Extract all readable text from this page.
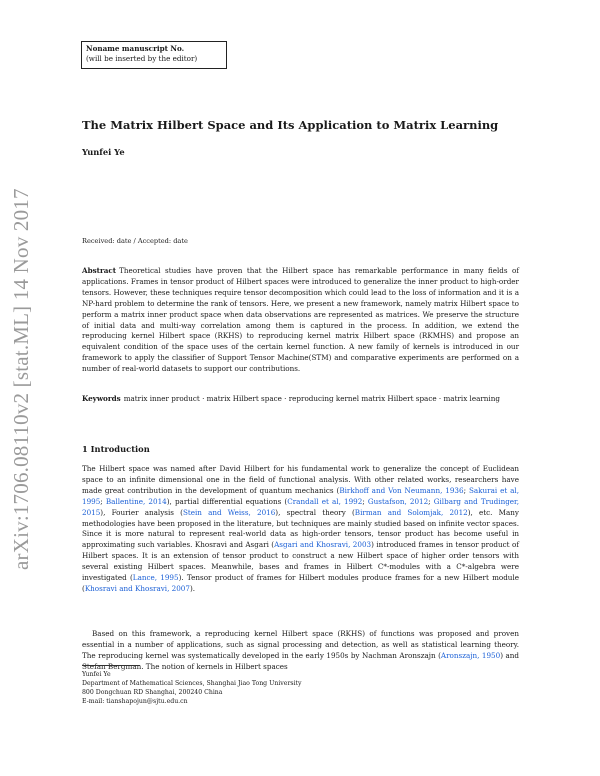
Noname manuscript No.
(will be inserted by the editor)
arXiv:1706.08110v2 [stat.ML] 14 Nov 2017
The Matrix Hilbert Space and Its Application to Matrix Learning
Yunfei Ye
Received: date / Accepted: date
Abstract Theoretical studies have proven that the Hilbert space has remarkable performance in many fields of applications. Frames in tensor product of Hilbert spaces were introduced to generalize the inner product to high-order tensors. However, these techniques require tensor decomposition which could lead to the loss of information and it is a NP-hard problem to determine the rank of tensors. Here, we present a new framework, namely matrix Hilbert space to perform a matrix inner product space when data observations are represented as matrices. We preserve the structure of initial data and multi-way correlation among them is captured in the process. In addition, we extend the reproducing kernel Hilbert space (RKHS) to reproducing kernel matrix Hilbert space (RKMHS) and propose an equivalent condition of the space uses of the certain kernel function. A new family of kernels is introduced in our framework to apply the classifier of Support Tensor Machine(STM) and comparative experiments are performed on a number of real-world datasets to support our contributions.
Keywords matrix inner product · matrix Hilbert space · reproducing kernel matrix Hilbert space · matrix learning
1 Introduction
The Hilbert space was named after David Hilbert for his fundamental work to generalize the concept of Euclidean space to an infinite dimensional one in the field of functional analysis. With other related works, researchers have made great contribution in the development of quantum mechanics (Birkhoff and Von Neumann, 1936; Sakurai et al, 1995; Ballentine, 2014), partial differential equations (Crandall et al, 1992; Gustafson, 2012; Gilbarg and Trudinger, 2015), Fourier analysis (Stein and Weiss, 2016), spectral theory (Birman and Solomjak, 2012), etc. Many methodologies have been proposed in the literature, but techniques are mainly studied based on infinite vector spaces. Since it is more natural to represent real-world data as high-order tensors, tensor product has become useful in approximating such variables. Khosravi and Asgari (Asgari and Khosravi, 2003) introduced frames in tensor product of Hilbert spaces. It is an extension of tensor product to construct a new Hilbert space of higher order tensors with several existing Hilbert spaces. Meanwhile, bases and frames in Hilbert C*-modules with a C*-algebra were investigated (Lance, 1995). Tensor product of frames for Hilbert modules produce frames for a new Hilbert module (Khosravi and Khosravi, 2007).
Based on this framework, a reproducing kernel Hilbert space (RKHS) of functions was proposed and proven essential in a number of applications, such as signal processing and detection, as well as statistical learning theory. The reproducing kernel was systematically developed in the early 1950s by Nachman Aronszajn (Aronszajn, 1950) and Stefan Bergman. The notion of kernels in Hilbert spaces
Yunfei Ye
Department of Mathematical Sciences, Shanghai Jiao Tong University
800 Dongchuan RD Shanghai, 200240 China
E-mail: tianshapojun@sjtu.edu.cn
